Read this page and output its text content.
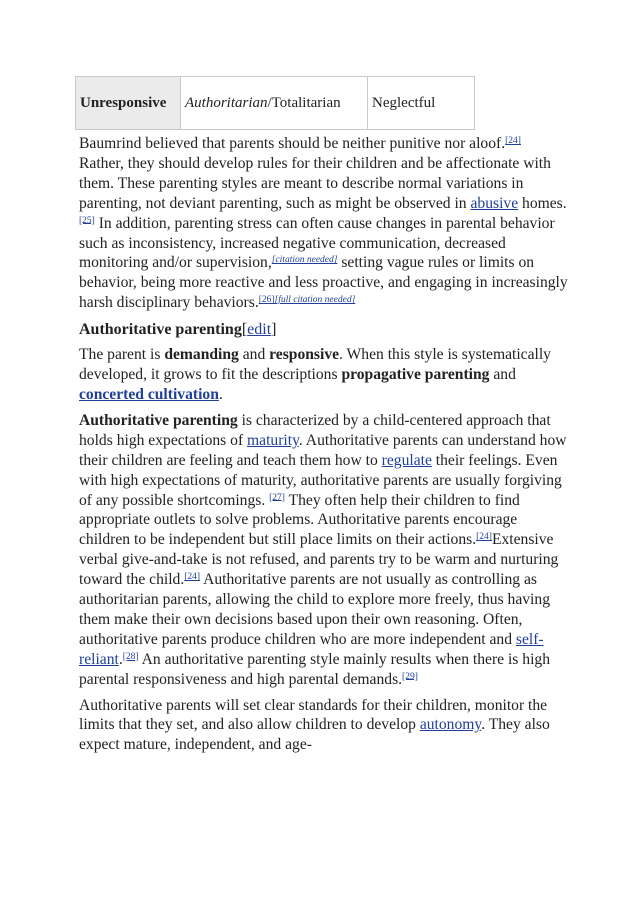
Unresponsive	Authoritarian/Totalitarian	Neglectful

Baumrind believed that parents should be neither punitive nor aloof.[24] Rather, they should develop rules for their children and be affectionate with them. These parenting styles are meant to describe normal variations in parenting, not deviant parenting, such as might be observed in abusive homes.[25] In addition, parenting stress can often cause changes in parental behavior such as inconsistency, increased negative communication, decreased monitoring and/or supervision,[citation needed] setting vague rules or limits on behavior, being more reactive and less proactive, and engaging in increasingly harsh disciplinary behaviors.[26][full citation needed]

Authoritative parenting[edit]

The parent is demanding and responsive. When this style is systematically developed, it grows to fit the descriptions propagative parenting and concerted cultivation.

Authoritative parenting is characterized by a child-centered approach that holds high expectations of maturity. Authoritative parents can understand how their children are feeling and teach them how to regulate their feelings. Even with high expectations of maturity, authoritative parents are usually forgiving of any possible shortcomings. [27] They often help their children to find appropriate outlets to solve problems. Authoritative parents encourage children to be independent but still place limits on their actions.[24]Extensive verbal give-and-take is not refused, and parents try to be warm and nurturing toward the child.[24] Authoritative parents are not usually as controlling as authoritarian parents, allowing the child to explore more freely, thus having them make their own decisions based upon their own reasoning. Often, authoritative parents produce children who are more independent and self-reliant.[28] An authoritative parenting style mainly results when there is high parental responsiveness and high parental demands.[29]

Authoritative parents will set clear standards for their children, monitor the limits that they set, and also allow children to develop autonomy. They also expect mature, independent, and age-
